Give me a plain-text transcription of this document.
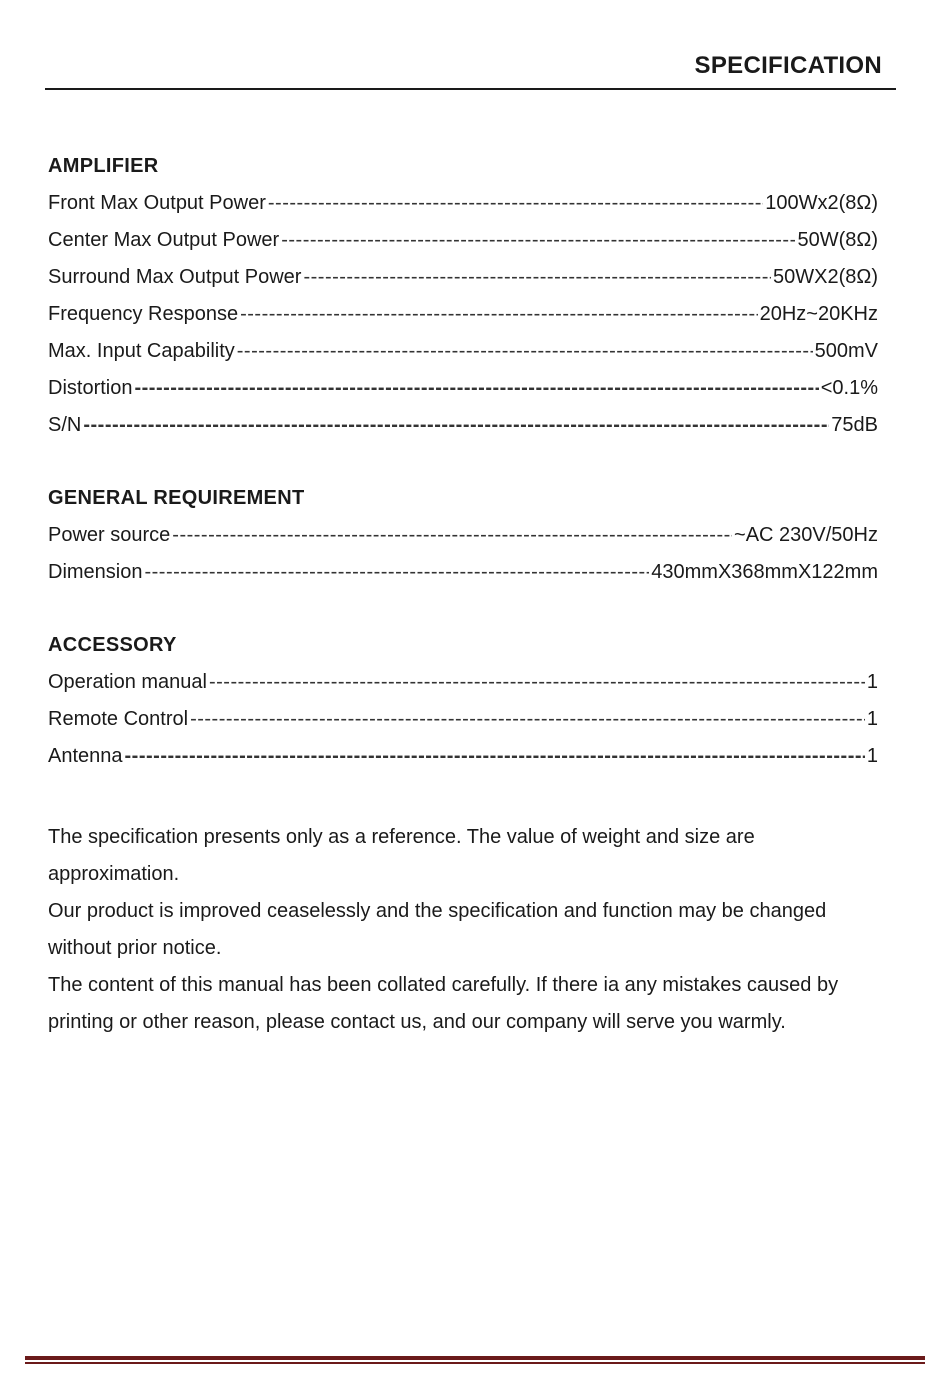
SPECIFICATION
AMPLIFIER
Front Max Output Power -----	100Wx2(8Ω)
Center Max Output Power -----	50W(8Ω)
Surround Max Output Power -----	50WX2(8Ω)
Frequency Response -----	20Hz~20KHz
Max. Input Capability -----	500mV
Distortion -----	<0.1%
S/N -----	75dB
GENERAL REQUIREMENT
Power source -----	~AC 230V/50Hz
Dimension -----	430mmX368mmX122mm
ACCESSORY
Operation manual -----	1
Remote Control -----	1
Antenna -----	1

The specification presents only as a reference. The value of weight and size are approximation.

Our product is improved ceaselessly and the specification and function may be changed without prior notice.

The content of this manual has been collated carefully. If there ia any mistakes caused by printing or other reason, please contact us, and our company will serve you warmly.
